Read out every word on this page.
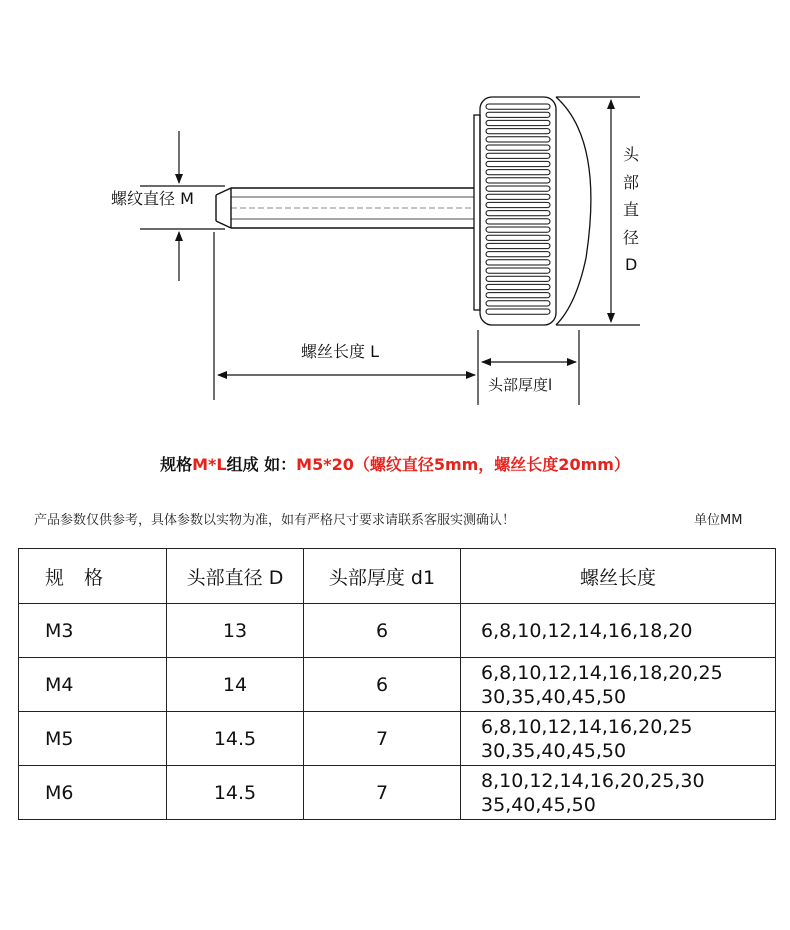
螺纹直径 M
头
部
直
径
D
螺丝长度 L
头部厚度l
规格M*L组成 如：M5*20（螺纹直径5mm，螺丝长度20mm）
产品参数仅供参考，具体参数以实物为准，如有严格尺寸要求请联系客服实测确认！	单位MM
规格	头部直径 D	头部厚度 d1	螺丝长度
M3	13	6	6,8,10,12,14,16,18,20
M4	14	6	6,8,10,12,14,16,18,20,25
30,35,40,45,50
M5	14.5	7	6,8,10,12,14,16,20,25
30,35,40,45,50
M6	14.5	7	8,10,12,14,16,20,25,30
35,40,45,50
